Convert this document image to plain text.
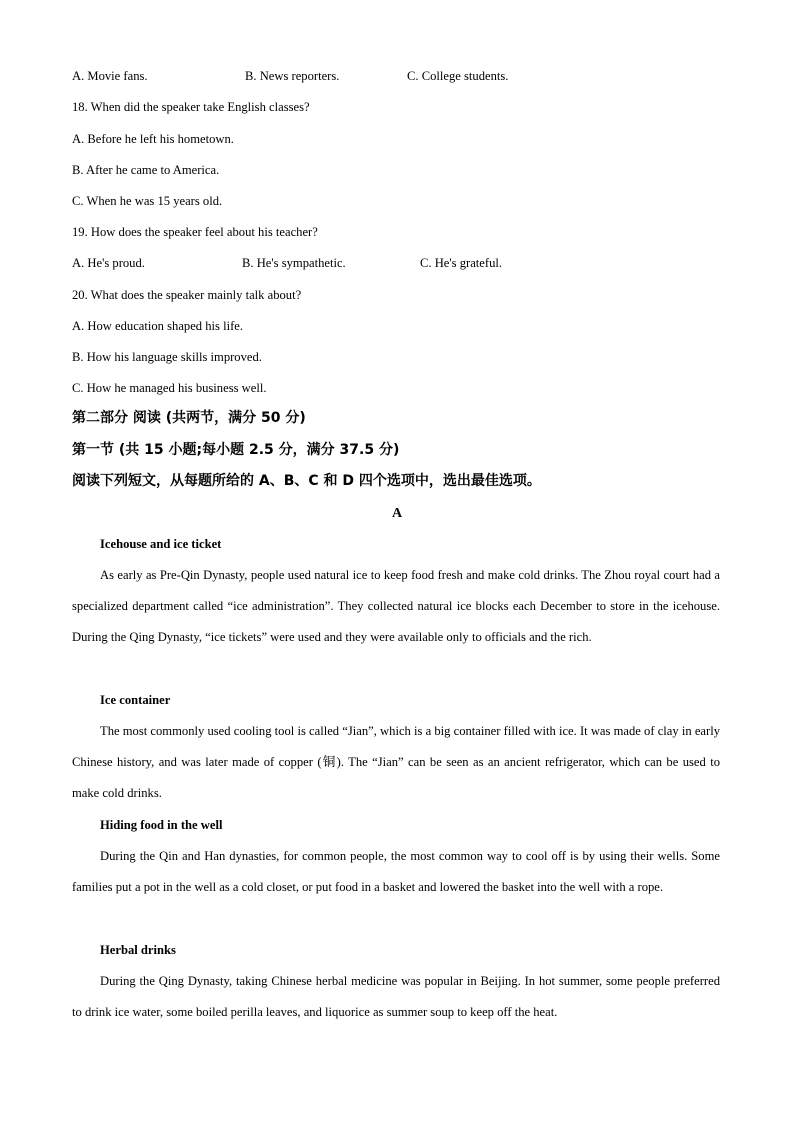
A. Movie fans.	B. News reporters.	C. College students.
18. When did the speaker take English classes?
A. Before he left his hometown.
B. After he came to America.
C. When he was 15 years old.
19. How does the speaker feel about his teacher?
A. He's proud.	B. He's sympathetic.	C. He's grateful.
20. What does the speaker mainly talk about?
A. How education shaped his life.
B. How his language skills improved.
C. How he managed his business well.
第二部分 阅读 (共两节，满分 50 分)
第一节 (共 15 小题;每小题 2.5 分，满分 37.5 分)
阅读下列短文，从每题所给的 A、B、C 和 D 四个选项中，选出最佳选项。
A
Icehouse and ice ticket
As early as Pre-Qin Dynasty, people used natural ice to keep food fresh and make cold drinks. The Zhou royal court had a specialized department called “ice administration”. They collected natural ice blocks each December to store in the icehouse. During the Qing Dynasty, “ice tickets” were used and they were available only to officials and the rich.
Ice container
The most commonly used cooling tool is called “Jian”, which is a big container filled with ice. It was made of clay in early Chinese history, and was later made of copper (铜). The “Jian” can be seen as an ancient refrigerator, which can be used to make cold drinks.
Hiding food in the well
During the Qin and Han dynasties, for common people, the most common way to cool off is by using their wells. Some families put a pot in the well as a cold closet, or put food in a basket and lowered the basket into the well with a rope.
Herbal drinks
During the Qing Dynasty, taking Chinese herbal medicine was popular in Beijing. In hot summer, some people preferred to drink ice water, some boiled perilla leaves, and liquorice as summer soup to keep off the heat.
